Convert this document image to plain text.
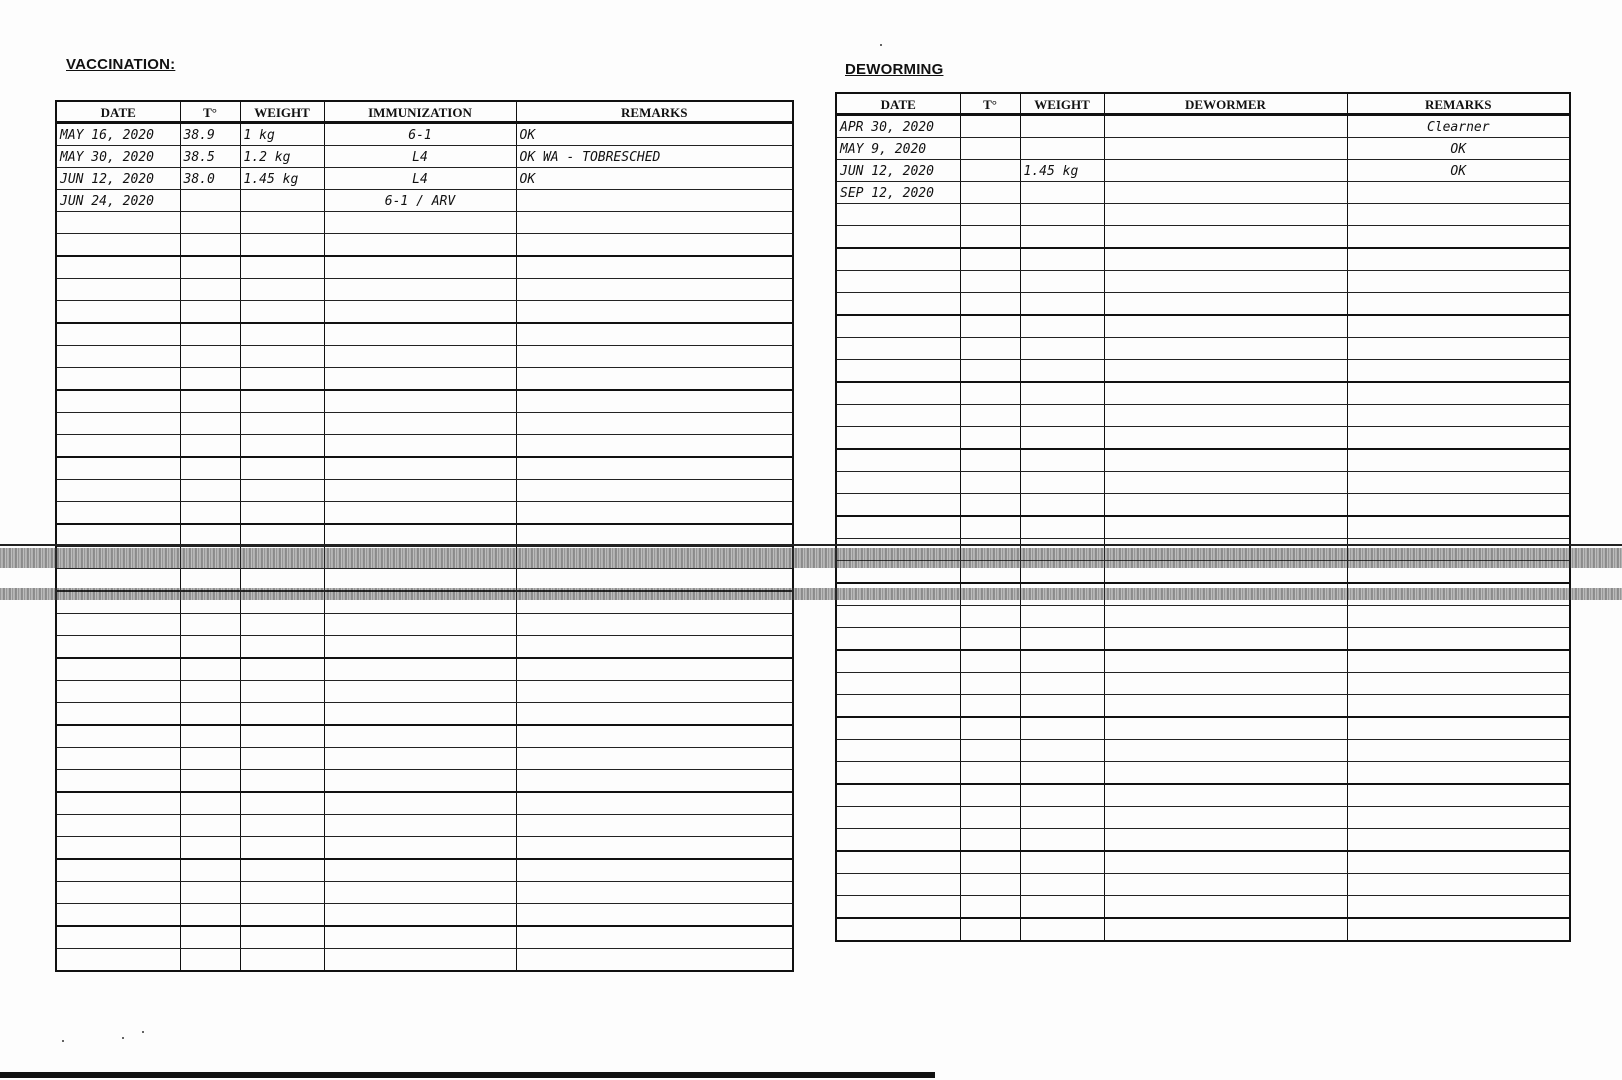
VACCINATION:
DATE	T°	WEIGHT	IMMUNIZATION	REMARKS
MAY 16, 2020	38.9	1 kg	6-1	OK
MAY 30, 2020	38.5	1.2 kg	L4	OK WA - TOBRESCHED
JUN 12, 2020	38.0	1.45 kg	L4	OK
JUN 24, 2020			6-1 / ARV	

DEWORMING
DATE	T°	WEIGHT	DEWORMER	REMARKS
APR 30, 2020				Clearner
MAY 9, 2020				OK
JUN 12, 2020		1.45 kg		OK
SEP 12, 2020				
